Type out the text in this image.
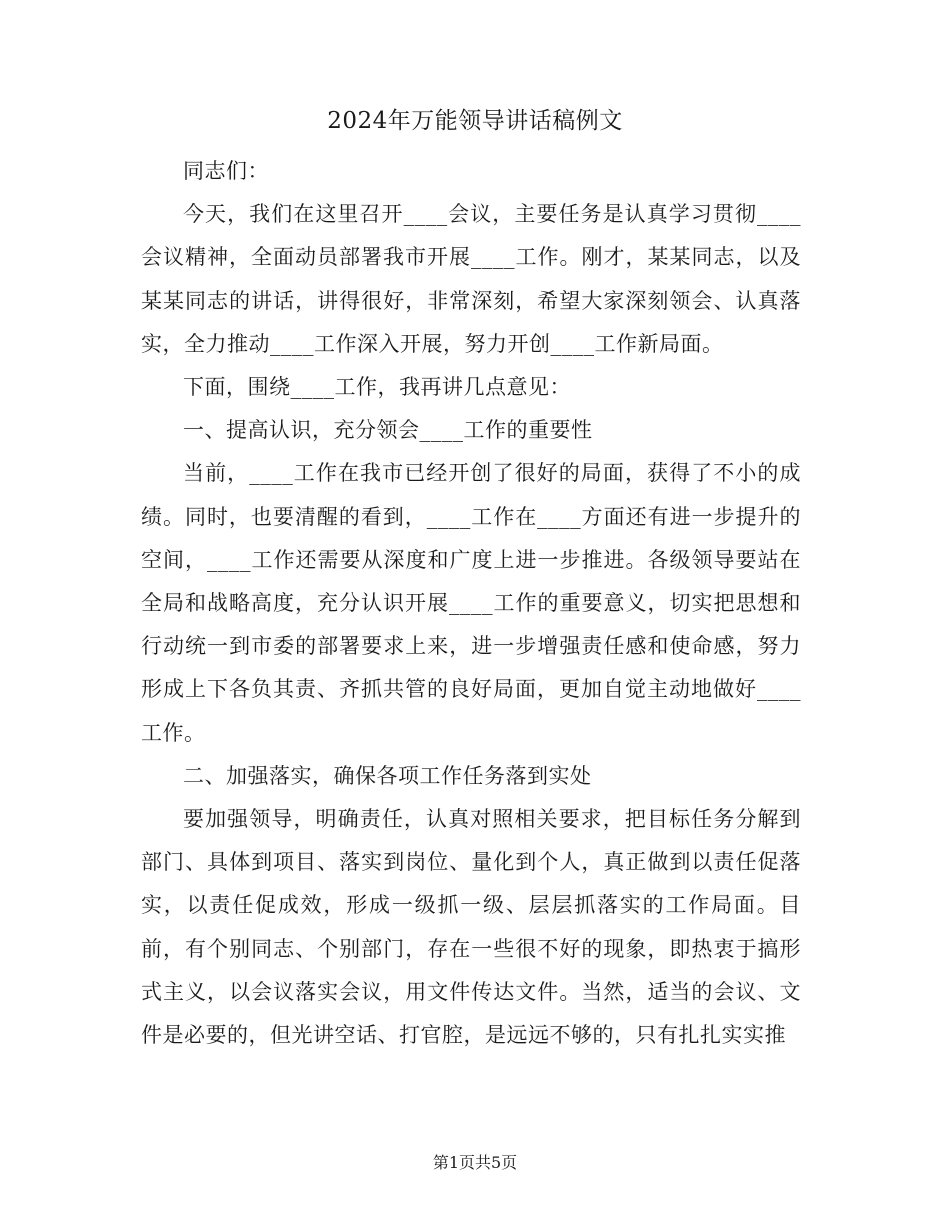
2024年万能领导讲话稿例文

同志们：

今天，我们在这里召开____会议，主要任务是认真学习贯彻____会议精神，全面动员部署我市开展____工作。刚才，某某同志，以及某某同志的讲话，讲得很好，非常深刻，希望大家深刻领会、认真落实，全力推动____工作深入开展，努力开创____工作新局面。

下面，围绕____工作，我再讲几点意见：

一、提高认识，充分领会____工作的重要性

当前，____工作在我市已经开创了很好的局面，获得了不小的成绩。同时，也要清醒的看到，____工作在____方面还有进一步提升的空间，____工作还需要从深度和广度上进一步推进。各级领导要站在全局和战略高度，充分认识开展____工作的重要意义，切实把思想和行动统一到市委的部署要求上来，进一步增强责任感和使命感，努力形成上下各负其责、齐抓共管的良好局面，更加自觉主动地做好____工作。

二、加强落实，确保各项工作任务落到实处

要加强领导，明确责任，认真对照相关要求，把目标任务分解到部门、具体到项目、落实到岗位、量化到个人，真正做到以责任促落实，以责任促成效，形成一级抓一级、层层抓落实的工作局面。目前，有个别同志、个别部门，存在一些很不好的现象，即热衷于搞形式主义，以会议落实会议，用文件传达文件。当然，适当的会议、文件是必要的，但光讲空话、打官腔，是远远不够的，只有扎扎实实推

第1页共5页
